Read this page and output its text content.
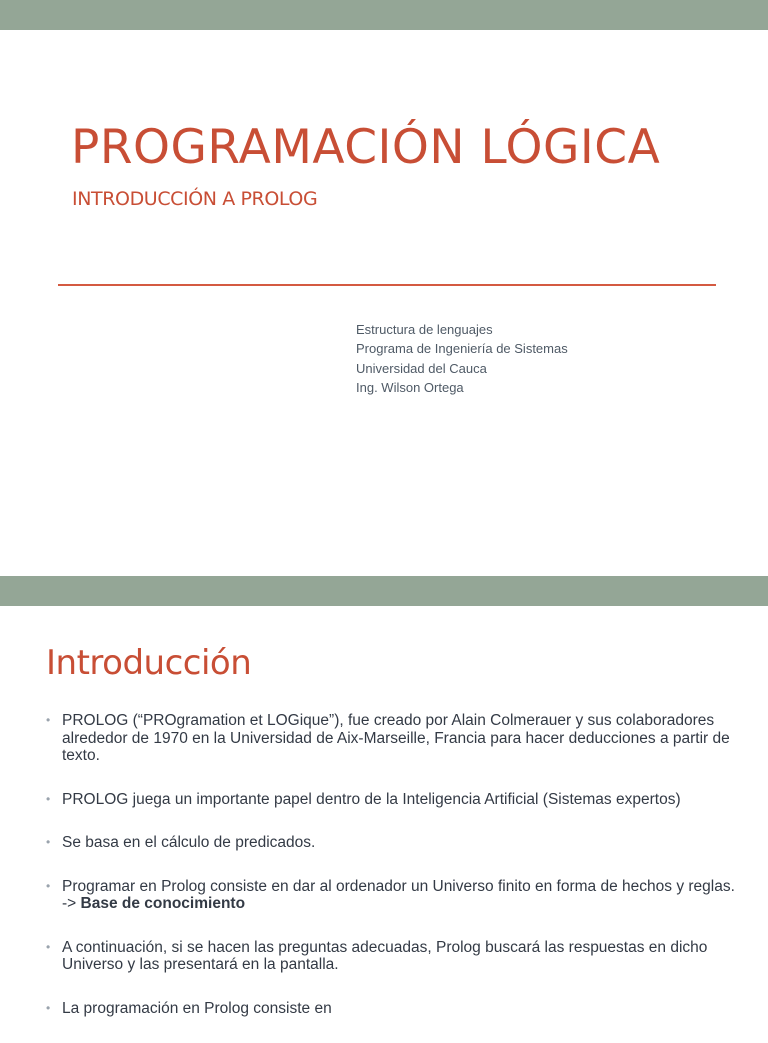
PROGRAMACIÓN LÓGICA
INTRODUCCIÓN A PROLOG
Estructura de lenguajes
Programa de Ingeniería de Sistemas
Universidad del Cauca
Ing. Wilson Ortega
Introducción
• PROLOG (“PROgramation et LOGique”), fue creado por Alain Colmerauer y sus colaboradores alrededor de 1970 en la Universidad de Aix-Marseille, Francia para hacer deducciones a partir de texto.
• PROLOG juega un importante papel dentro de la Inteligencia Artificial (Sistemas expertos)
• Se basa en el cálculo de predicados.
• Programar en Prolog consiste en dar al ordenador un Universo finito en forma de hechos y reglas. -> Base de conocimiento
• A continuación, si se hacen las preguntas adecuadas, Prolog buscará las respuestas en dicho Universo y las presentará en la pantalla.
• La programación en Prolog consiste en
